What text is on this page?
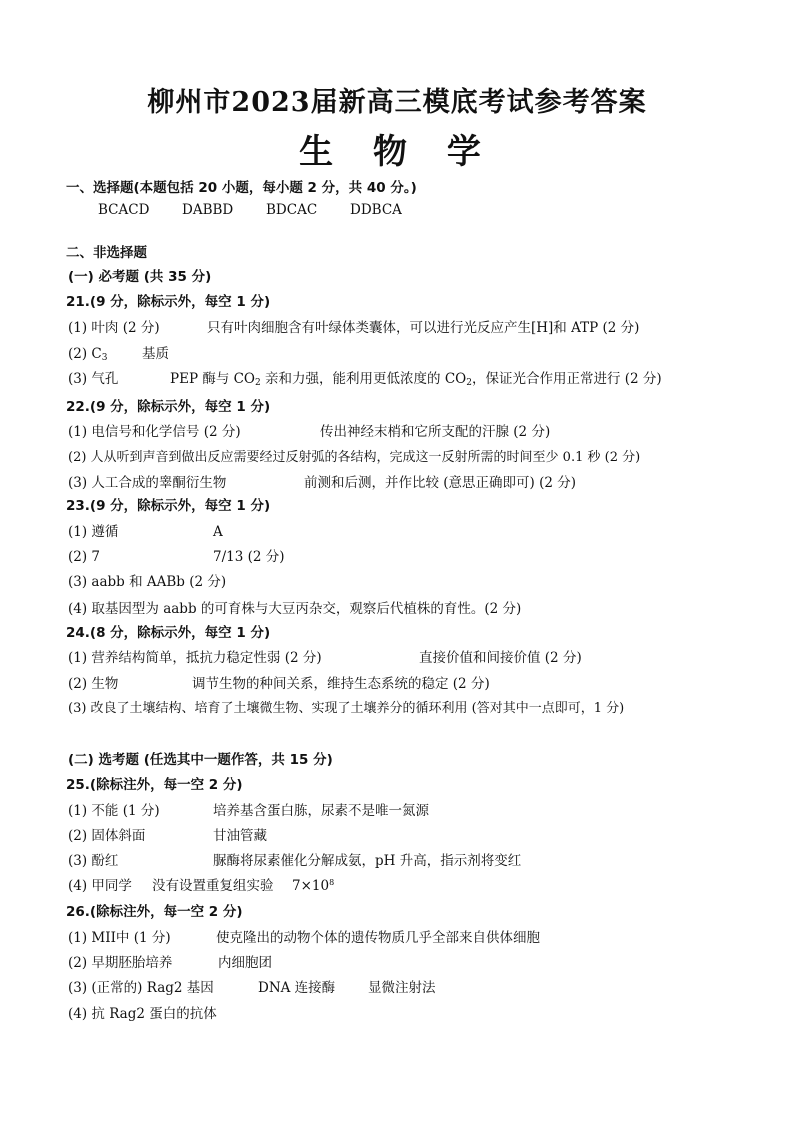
柳州市2023届新高三模底考试参考答案
生 物 学
一、选择题(本题包括 20 小题，每小题 2 分，共 40 分。)
BCACD DABBD BDCAC DDBCA
二、非选择题
(一) 必考题 (共 35 分)
21.(9 分，除标示外，每空 1 分)
(1) 叶肉 (2 分)	只有叶肉细胞含有叶绿体类囊体，可以进行光反应产生[H]和 ATP (2 分)
(2) $C_3$	基质
(3) 气孔	PEP 酶与 $CO_2$ 亲和力强，能利用更低浓度的 $CO_2$，保证光合作用正常进行 (2 分)
22.(9 分，除标示外，每空 1 分)
(1) 电信号和化学信号 (2 分)	传出神经末梢和它所支配的汗腺 (2 分)
(2) 人从听到声音到做出反应需要经过反射弧的各结构，完成这一反射所需的时间至少 0.1 秒 (2 分)
(3) 人工合成的睾酮衍生物	前测和后测，并作比较 (意思正确即可) (2 分)
23.(9 分，除标示外，每空 1 分)
(1) 遵循	A
(2) 7	7/13 (2 分)
(3) aabb 和 AABb (2 分)
(4) 取基因型为 aabb 的可育株与大豆丙杂交，观察后代植株的育性。(2 分)
24.(8 分，除标示外，每空 1 分)
(1) 营养结构简单，抵抗力稳定性弱 (2 分)	直接价值和间接价值 (2 分)
(2) 生物	调节生物的种间关系，维持生态系统的稳定 (2 分)
(3) 改良了土壤结构、培育了土壤微生物、实现了土壤养分的循环利用 (答对其中一点即可，1 分)
(二) 选考题 (任选其中一题作答，共 15 分)
25.(除标注外，每一空 2 分)
(1) 不能 (1 分)	培养基含蛋白胨，尿素不是唯一氮源
(2) 固体斜面	甘油管藏
(3) 酚红	脲酶将尿素催化分解成氨，pH 升高，指示剂将变红
(4) 甲同学 没有设置重复组实验 $7\times 10^8$
26.(除标注外，每一空 2 分)
(1) MII中 (1 分)	使克隆出的动物个体的遗传物质几乎全部来自供体细胞
(2) 早期胚胎培养	内细胞团
(3) (正常的) Rag2 基因	DNA 连接酶 显微注射法
(4) 抗 Rag2 蛋白的抗体
